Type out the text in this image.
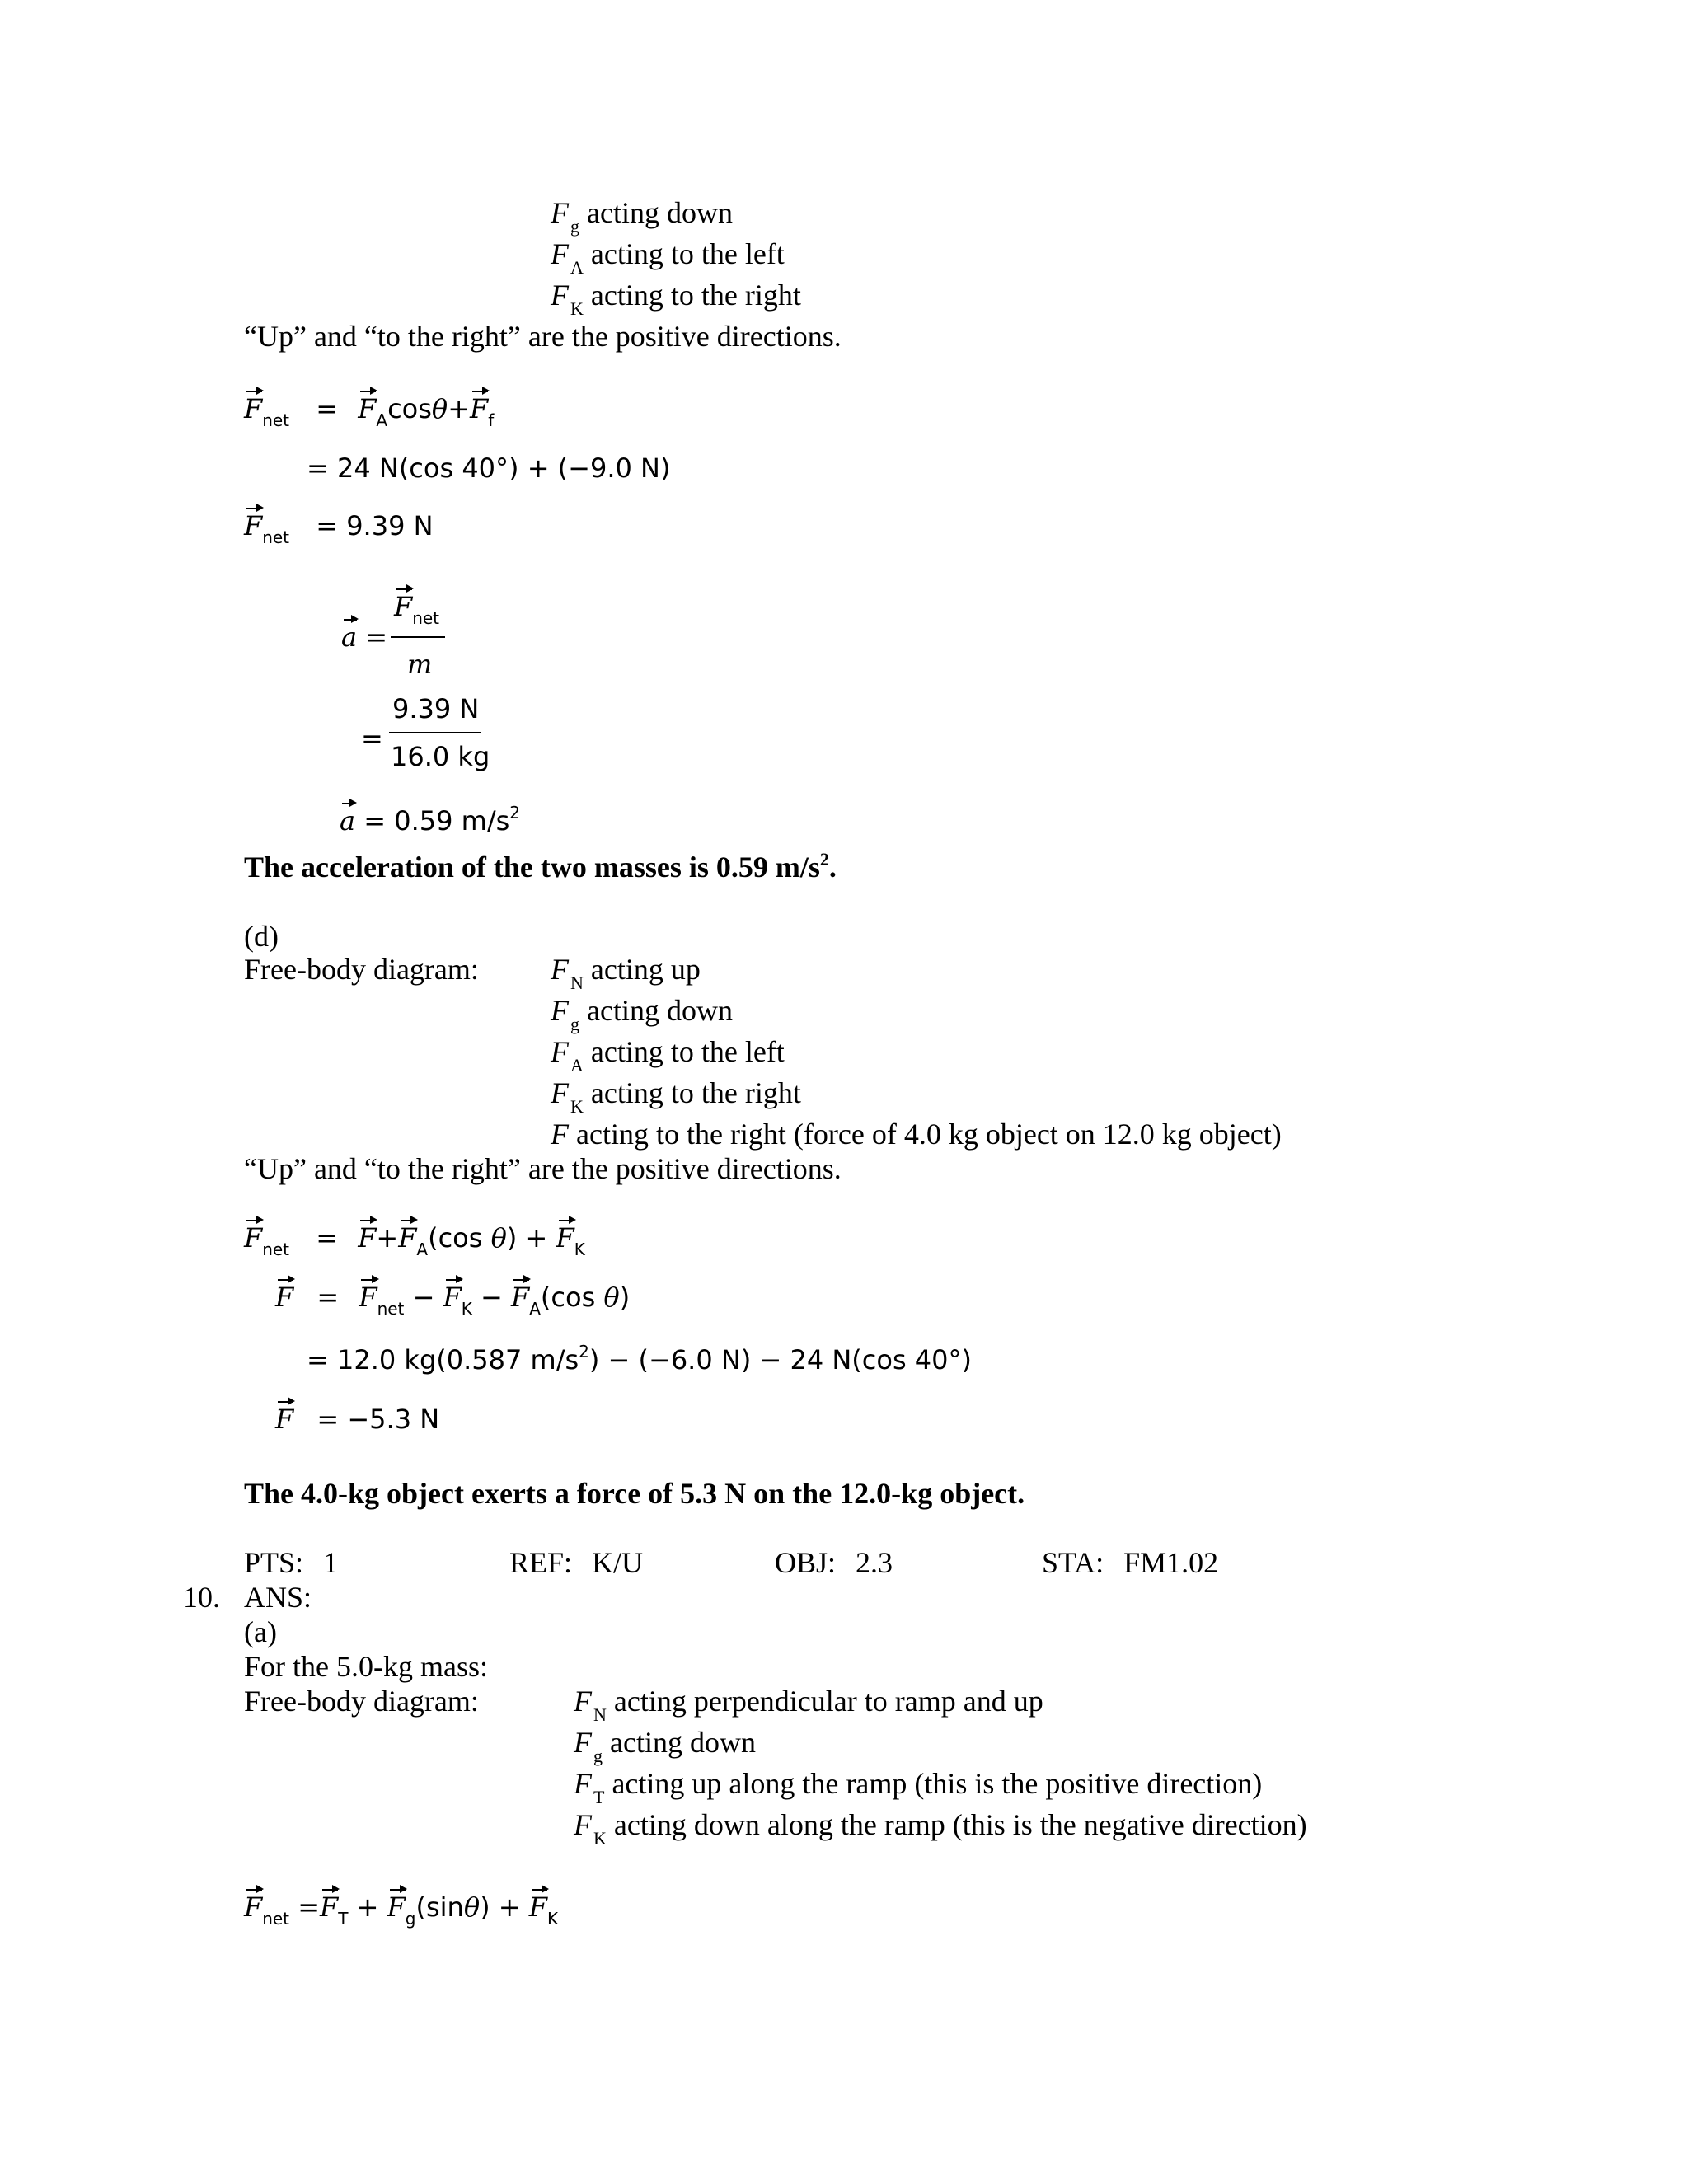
$F_g$ acting down
$F_A$ acting to the left
$F_K$ acting to the right
“Up” and “to the right” are the positive directions.
$F_{net} = F_A\cos\theta+F_f$
= 24 N(cos 40°) + (−9.0 N)
$F_{net} = 9.39$ N
a =
$F_{net}$
m
=
9.39 N
16.0 kg
a = 0.59 $m/s^2$
The acceleration of the two masses is 0.59 $m/s^2$.
(d)
Free-body diagram: $F_N$ acting up
$F_g$ acting down
$F_A$ acting to the left
$F_K$ acting to the right
F acting to the right (force of 4.0 kg object on 12.0 kg object)
“Up” and “to the right” are the positive directions.
$F_{net} = F+F_A(\cos$ $\theta) + F_K$
$F = F_{net} - F_K - F_A(\cos$ θ)
= 12.0 kg(0.587 $m/s^2) - (-6.0$ N) − 24 N(cos 40°)
F = −5.3 N
The 4.0-kg object exerts a force of 5.3 N on the 12.0-kg object.
PTS: 1	REF: K/U	OBJ: 2.3	STA: FM1.02
10. ANS:
(a)
For the 5.0-kg mass:
Free-body diagram:	$F_N$ acting perpendicular to ramp and up
$F_g$ acting down
$F_T$ acting up along the ramp (this is the positive direction)
$F_K$ acting down along the ramp (this is the negative direction)
$F_{net} =F_T + F_g(\sin\theta) + F_K$
